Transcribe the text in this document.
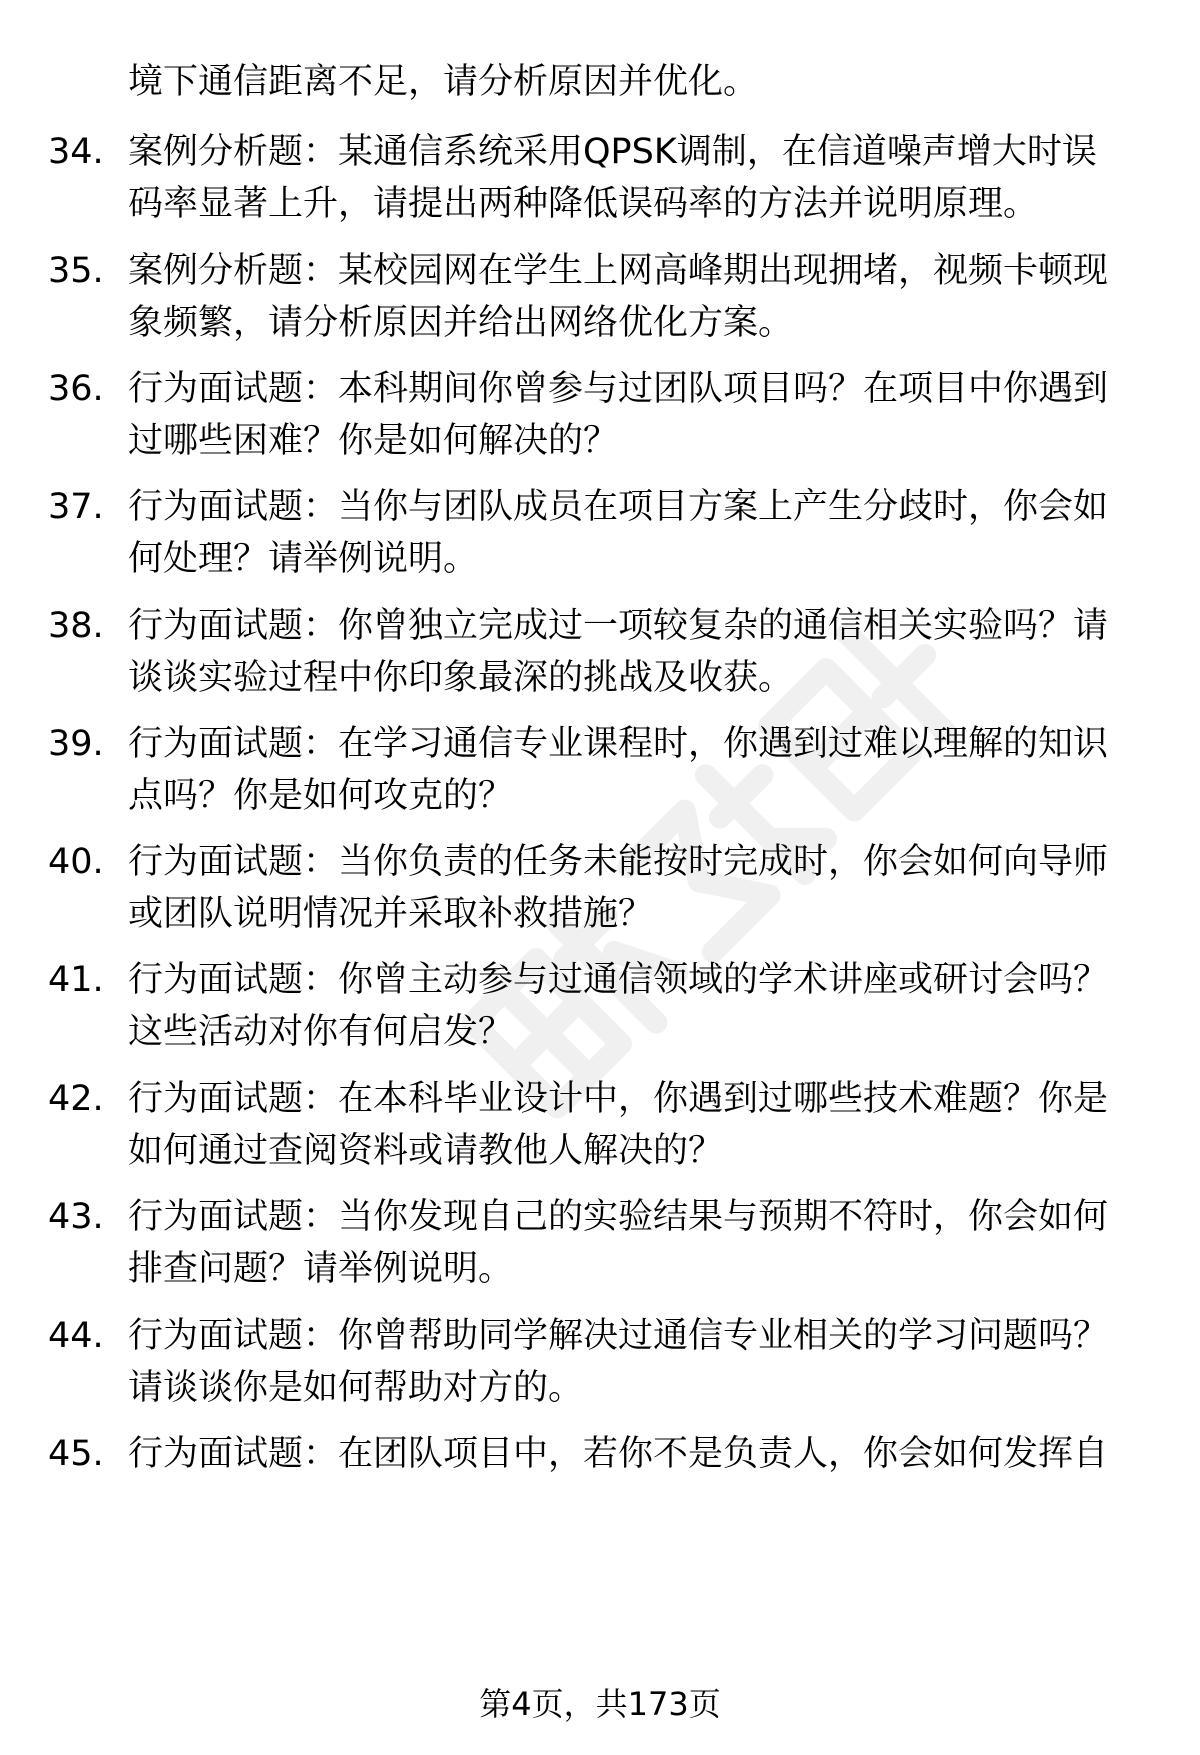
境下通信距离不足，请分析原因并优化。
34. 案例分析题：某通信系统采用QPSK调制，在信道噪声增大时误
码率显著上升，请提出两种降低误码率的方法并说明原理。
35. 案例分析题：某校园网在学生上网高峰期出现拥堵，视频卡顿现
象频繁，请分析原因并给出网络优化方案。
36. 行为面试题：本科期间你曾参与过团队项目吗？在项目中你遇到
过哪些困难？你是如何解决的？
37. 行为面试题：当你与团队成员在项目方案上产生分歧时，你会如
何处理？请举例说明。
38. 行为面试题：你曾独立完成过一项较复杂的通信相关实验吗？请
谈谈实验过程中你印象最深的挑战及收获。
39. 行为面试题：在学习通信专业课程时，你遇到过难以理解的知识
点吗？你是如何攻克的？
40. 行为面试题：当你负责的任务未能按时完成时，你会如何向导师
或团队说明情况并采取补救措施？
41. 行为面试题：你曾主动参与过通信领域的学术讲座或研讨会吗？
这些活动对你有何启发？
42. 行为面试题：在本科毕业设计中，你遇到过哪些技术难题？你是
如何通过查阅资料或请教他人解决的？
43. 行为面试题：当你发现自己的实验结果与预期不符时，你会如何
排查问题？请举例说明。
44. 行为面试题：你曾帮助同学解决过通信专业相关的学习问题吗？
请谈谈你是如何帮助对方的。
45. 行为面试题：在团队项目中，若你不是负责人，你会如何发挥自
第4页，共173页
